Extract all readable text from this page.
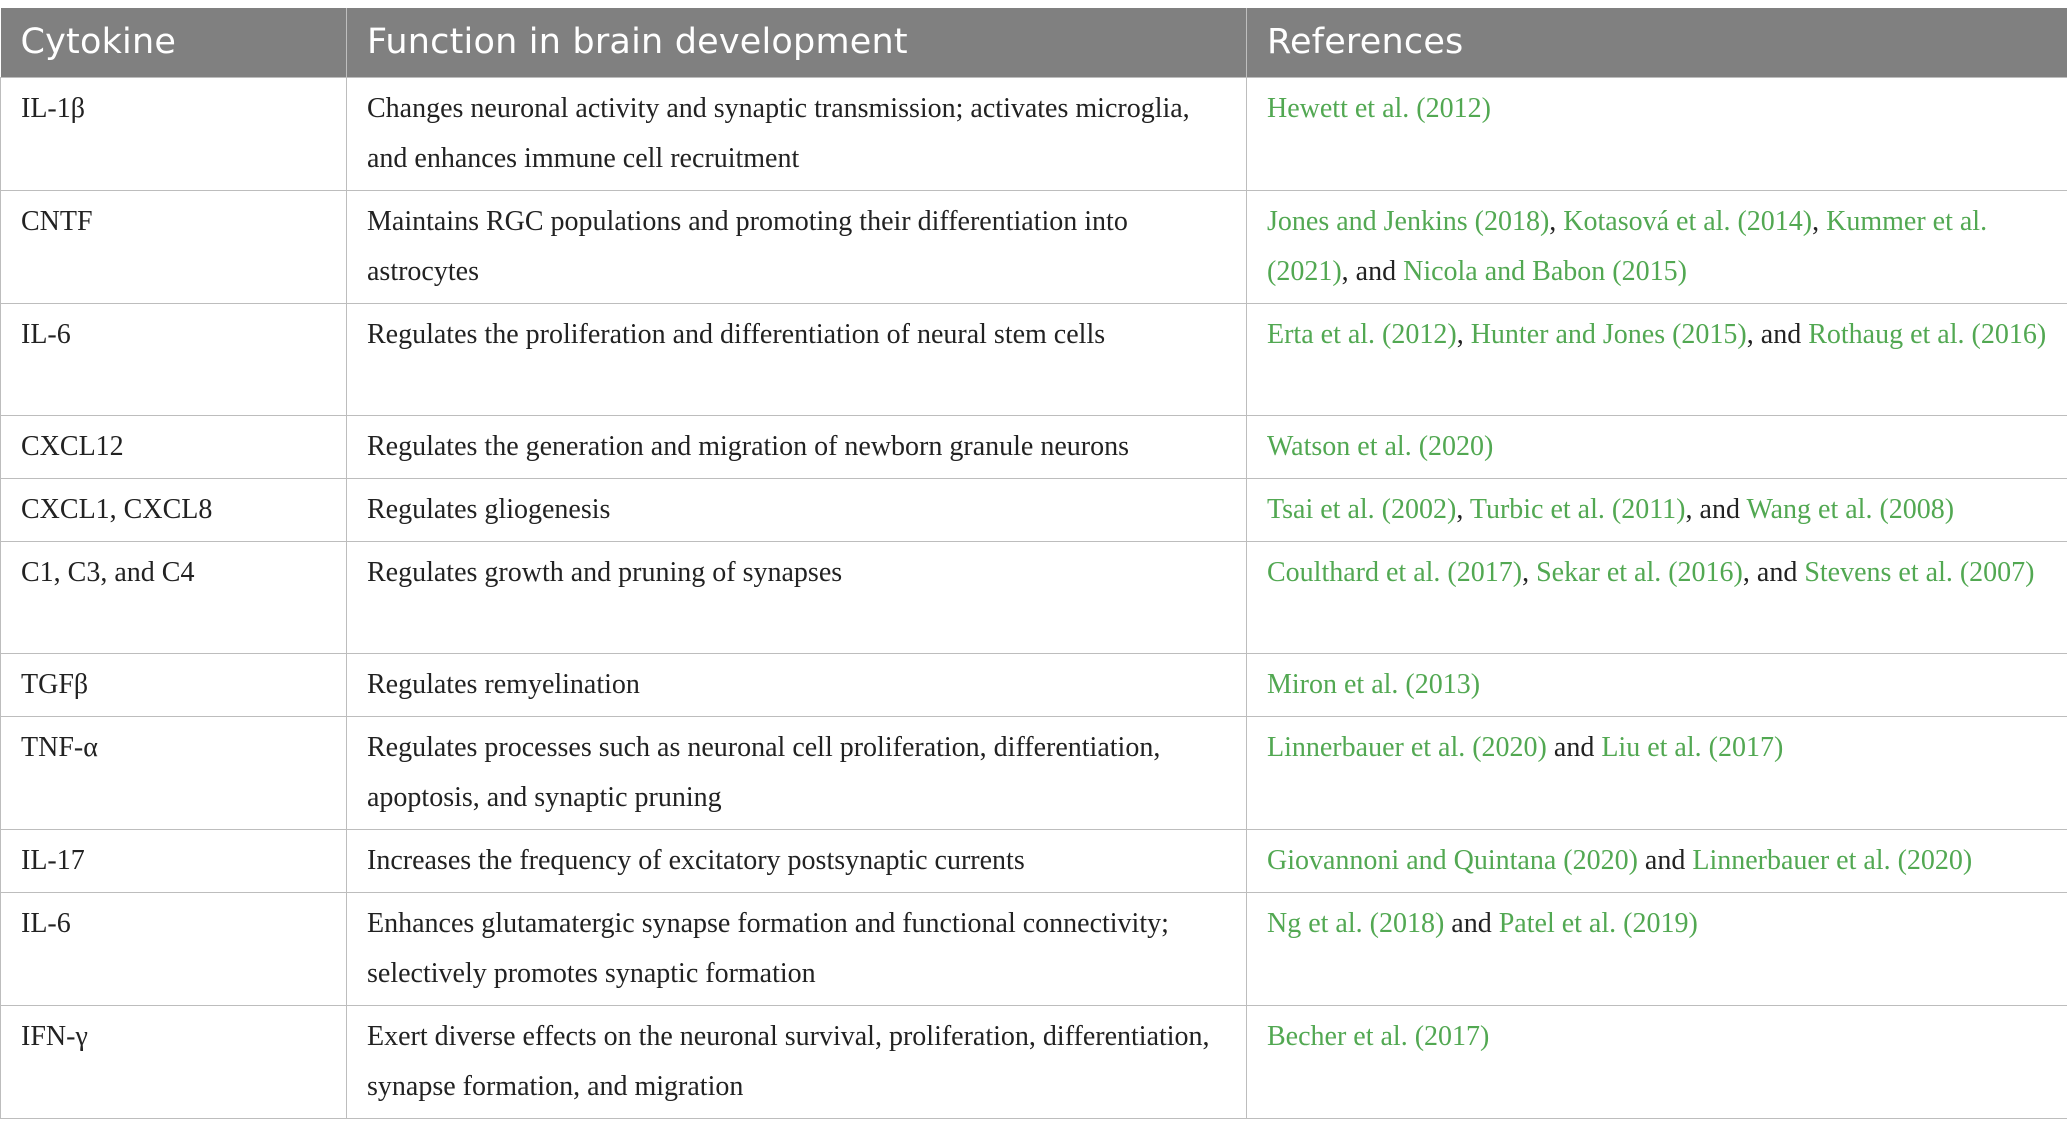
Cytokine	Function in brain development	References
IL-1β	Changes neuronal activity and synaptic transmission; activates microglia, and enhances immune cell recruitment	Hewett et al. (2012)
CNTF	Maintains RGC populations and promoting their differentiation into astrocytes	Jones and Jenkins (2018), Kotasová et al. (2014), Kummer et al. (2021), and Nicola and Babon (2015)
IL-6	Regulates the proliferation and differentiation of neural stem cells	Erta et al. (2012), Hunter and Jones (2015), and Rothaug et al. (2016)
CXCL12	Regulates the generation and migration of newborn granule neurons	Watson et al. (2020)
CXCL1, CXCL8	Regulates gliogenesis	Tsai et al. (2002), Turbic et al. (2011), and Wang et al. (2008)
C1, C3, and C4	Regulates growth and pruning of synapses	Coulthard et al. (2017), Sekar et al. (2016), and Stevens et al. (2007)
TGFβ	Regulates remyelination	Miron et al. (2013)
TNF-α	Regulates processes such as neuronal cell proliferation, differentiation, apoptosis, and synaptic pruning	Linnerbauer et al. (2020) and Liu et al. (2017)
IL-17	Increases the frequency of excitatory postsynaptic currents	Giovannoni and Quintana (2020) and Linnerbauer et al. (2020)
IL-6	Enhances glutamatergic synapse formation and functional connectivity; selectively promotes synaptic formation	Ng et al. (2018) and Patel et al. (2019)
IFN-γ	Exert diverse effects on the neuronal survival, proliferation, differentiation, synapse formation, and migration	Becher et al. (2017)
